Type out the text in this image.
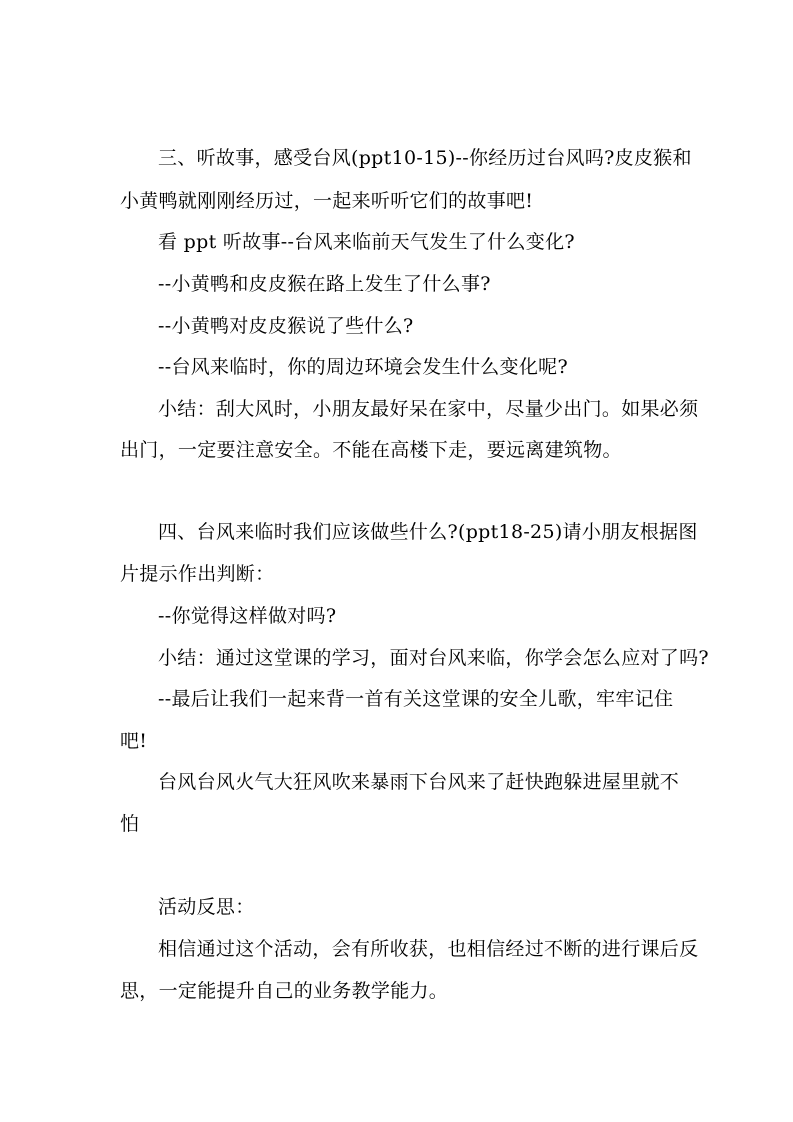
三、听故事，感受台风(ppt10-15)--你经历过台风吗?皮皮猴和
小黄鸭就刚刚经历过，一起来听听它们的故事吧!
看 ppt 听故事--台风来临前天气发生了什么变化?
--小黄鸭和皮皮猴在路上发生了什么事?
--小黄鸭对皮皮猴说了些什么?
--台风来临时，你的周边环境会发生什么变化呢?
小结：刮大风时，小朋友最好呆在家中，尽量少出门。如果必须
出门，一定要注意安全。不能在高楼下走，要远离建筑物。
四、台风来临时我们应该做些什么?(ppt18-25)请小朋友根据图
片提示作出判断：
--你觉得这样做对吗?
小结：通过这堂课的学习，面对台风来临，你学会怎么应对了吗?
--最后让我们一起来背一首有关这堂课的安全儿歌，牢牢记住
吧!
台风台风火气大狂风吹来暴雨下台风来了赶快跑躲进屋里就不
怕
活动反思：
相信通过这个活动，会有所收获，也相信经过不断的进行课后反
思，一定能提升自己的业务教学能力。
